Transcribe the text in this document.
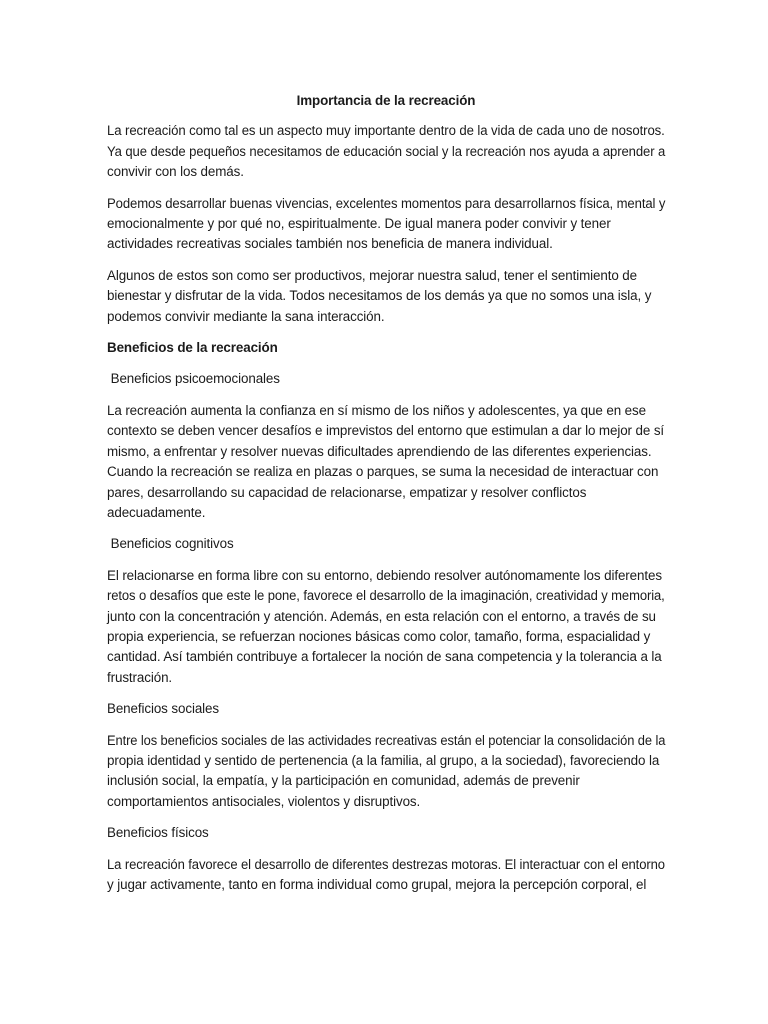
Importancia de la recreación

La recreación como tal es un aspecto muy importante dentro de la vida de cada uno de nosotros.
Ya que desde pequeños necesitamos de educación social y la recreación nos ayuda a aprender a
convivir con los demás.

Podemos desarrollar buenas vivencias, excelentes momentos para desarrollarnos física, mental y
emocionalmente y por qué no, espiritualmente. De igual manera poder convivir y tener
actividades recreativas sociales también nos beneficia de manera individual.

Algunos de estos son como ser productivos, mejorar nuestra salud, tener el sentimiento de
bienestar y disfrutar de la vida. Todos necesitamos de los demás ya que no somos una isla, y
podemos convivir mediante la sana interacción.

Beneficios de la recreación
Beneficios psicoemocionales

La recreación aumenta la confianza en sí mismo de los niños y adolescentes, ya que en ese
contexto se deben vencer desafíos e imprevistos del entorno que estimulan a dar lo mejor de sí
mismo, a enfrentar y resolver nuevas dificultades aprendiendo de las diferentes experiencias.
Cuando la recreación se realiza en plazas o parques, se suma la necesidad de interactuar con
pares, desarrollando su capacidad de relacionarse, empatizar y resolver conflictos
adecuadamente.

Beneficios cognitivos

El relacionarse en forma libre con su entorno, debiendo resolver autónomamente los diferentes
retos o desafíos que este le pone, favorece el desarrollo de la imaginación, creatividad y memoria,
junto con la concentración y atención. Además, en esta relación con el entorno, a través de su
propia experiencia, se refuerzan nociones básicas como color, tamaño, forma, espacialidad y
cantidad. Así también contribuye a fortalecer la noción de sana competencia y la tolerancia a la
frustración.

Beneficios sociales

Entre los beneficios sociales de las actividades recreativas están el potenciar la consolidación de la
propia identidad y sentido de pertenencia (a la familia, al grupo, a la sociedad), favoreciendo la
inclusión social, la empatía, y la participación en comunidad, además de prevenir
comportamientos antisociales, violentos y disruptivos.

Beneficios físicos

La recreación favorece el desarrollo de diferentes destrezas motoras. El interactuar con el entorno
y jugar activamente, tanto en forma individual como grupal, mejora la percepción corporal, el
